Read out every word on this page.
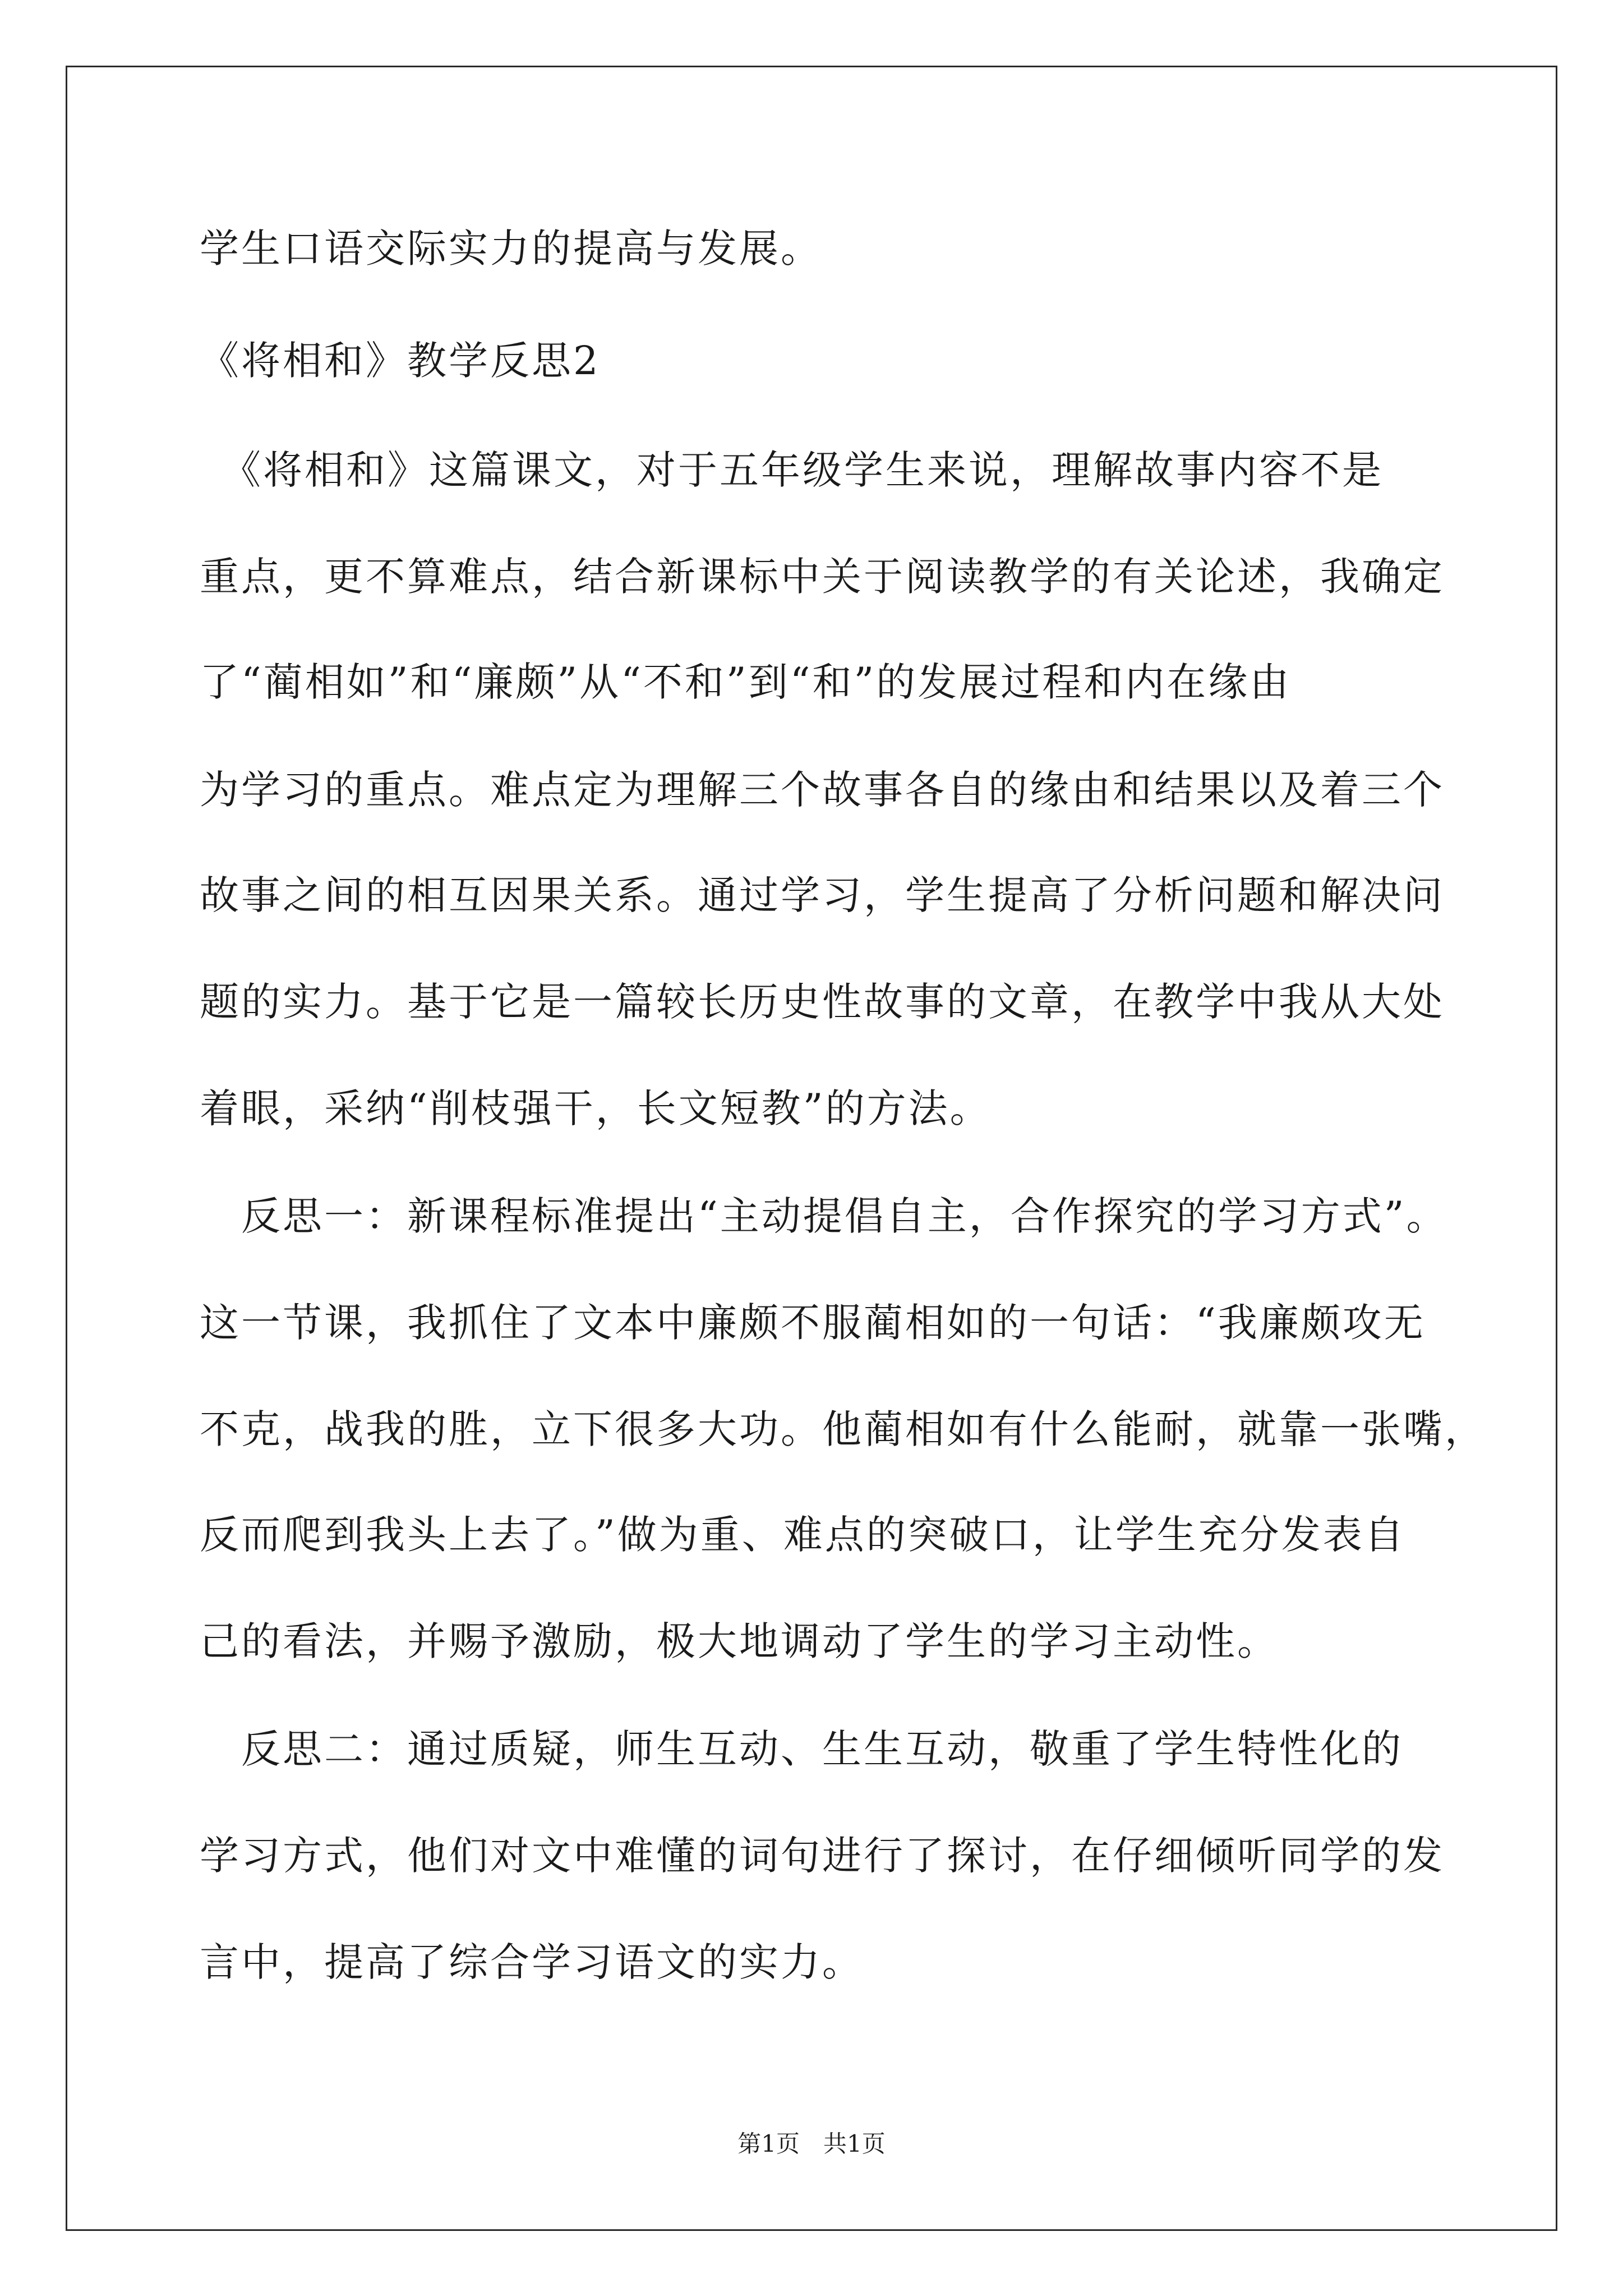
学生口语交际实力的提高与发展。
《将相和》教学反思2
　《将相和》这篇课文，对于五年级学生来说，理解故事内容不是
重点，更不算难点，结合新课标中关于阅读教学的有关论述，我确定
了“蔺相如”和“廉颇”从“不和”到“和”的发展过程和内在缘由
为学习的重点。难点定为理解三个故事各自的缘由和结果以及着三个
故事之间的相互因果关系。通过学习，学生提高了分析问题和解决问
题的实力。基于它是一篇较长历史性故事的文章，在教学中我从大处
着眼，采纳“削枝强干，长文短教”的方法。
　反思一：新课程标准提出“主动提倡自主，合作探究的学习方式”。
这一节课，我抓住了文本中廉颇不服蔺相如的一句话：“我廉颇攻无
不克，战我的胜，立下很多大功。他蔺相如有什么能耐，就靠一张嘴，
反而爬到我头上去了。”做为重、难点的突破口，让学生充分发表自
己的看法，并赐予激励，极大地调动了学生的学习主动性。
　反思二：通过质疑，师生互动、生生互动，敬重了学生特性化的
学习方式，他们对文中难懂的词句进行了探讨，在仔细倾听同学的发
言中，提高了综合学习语文的实力。
第1页　共1页
